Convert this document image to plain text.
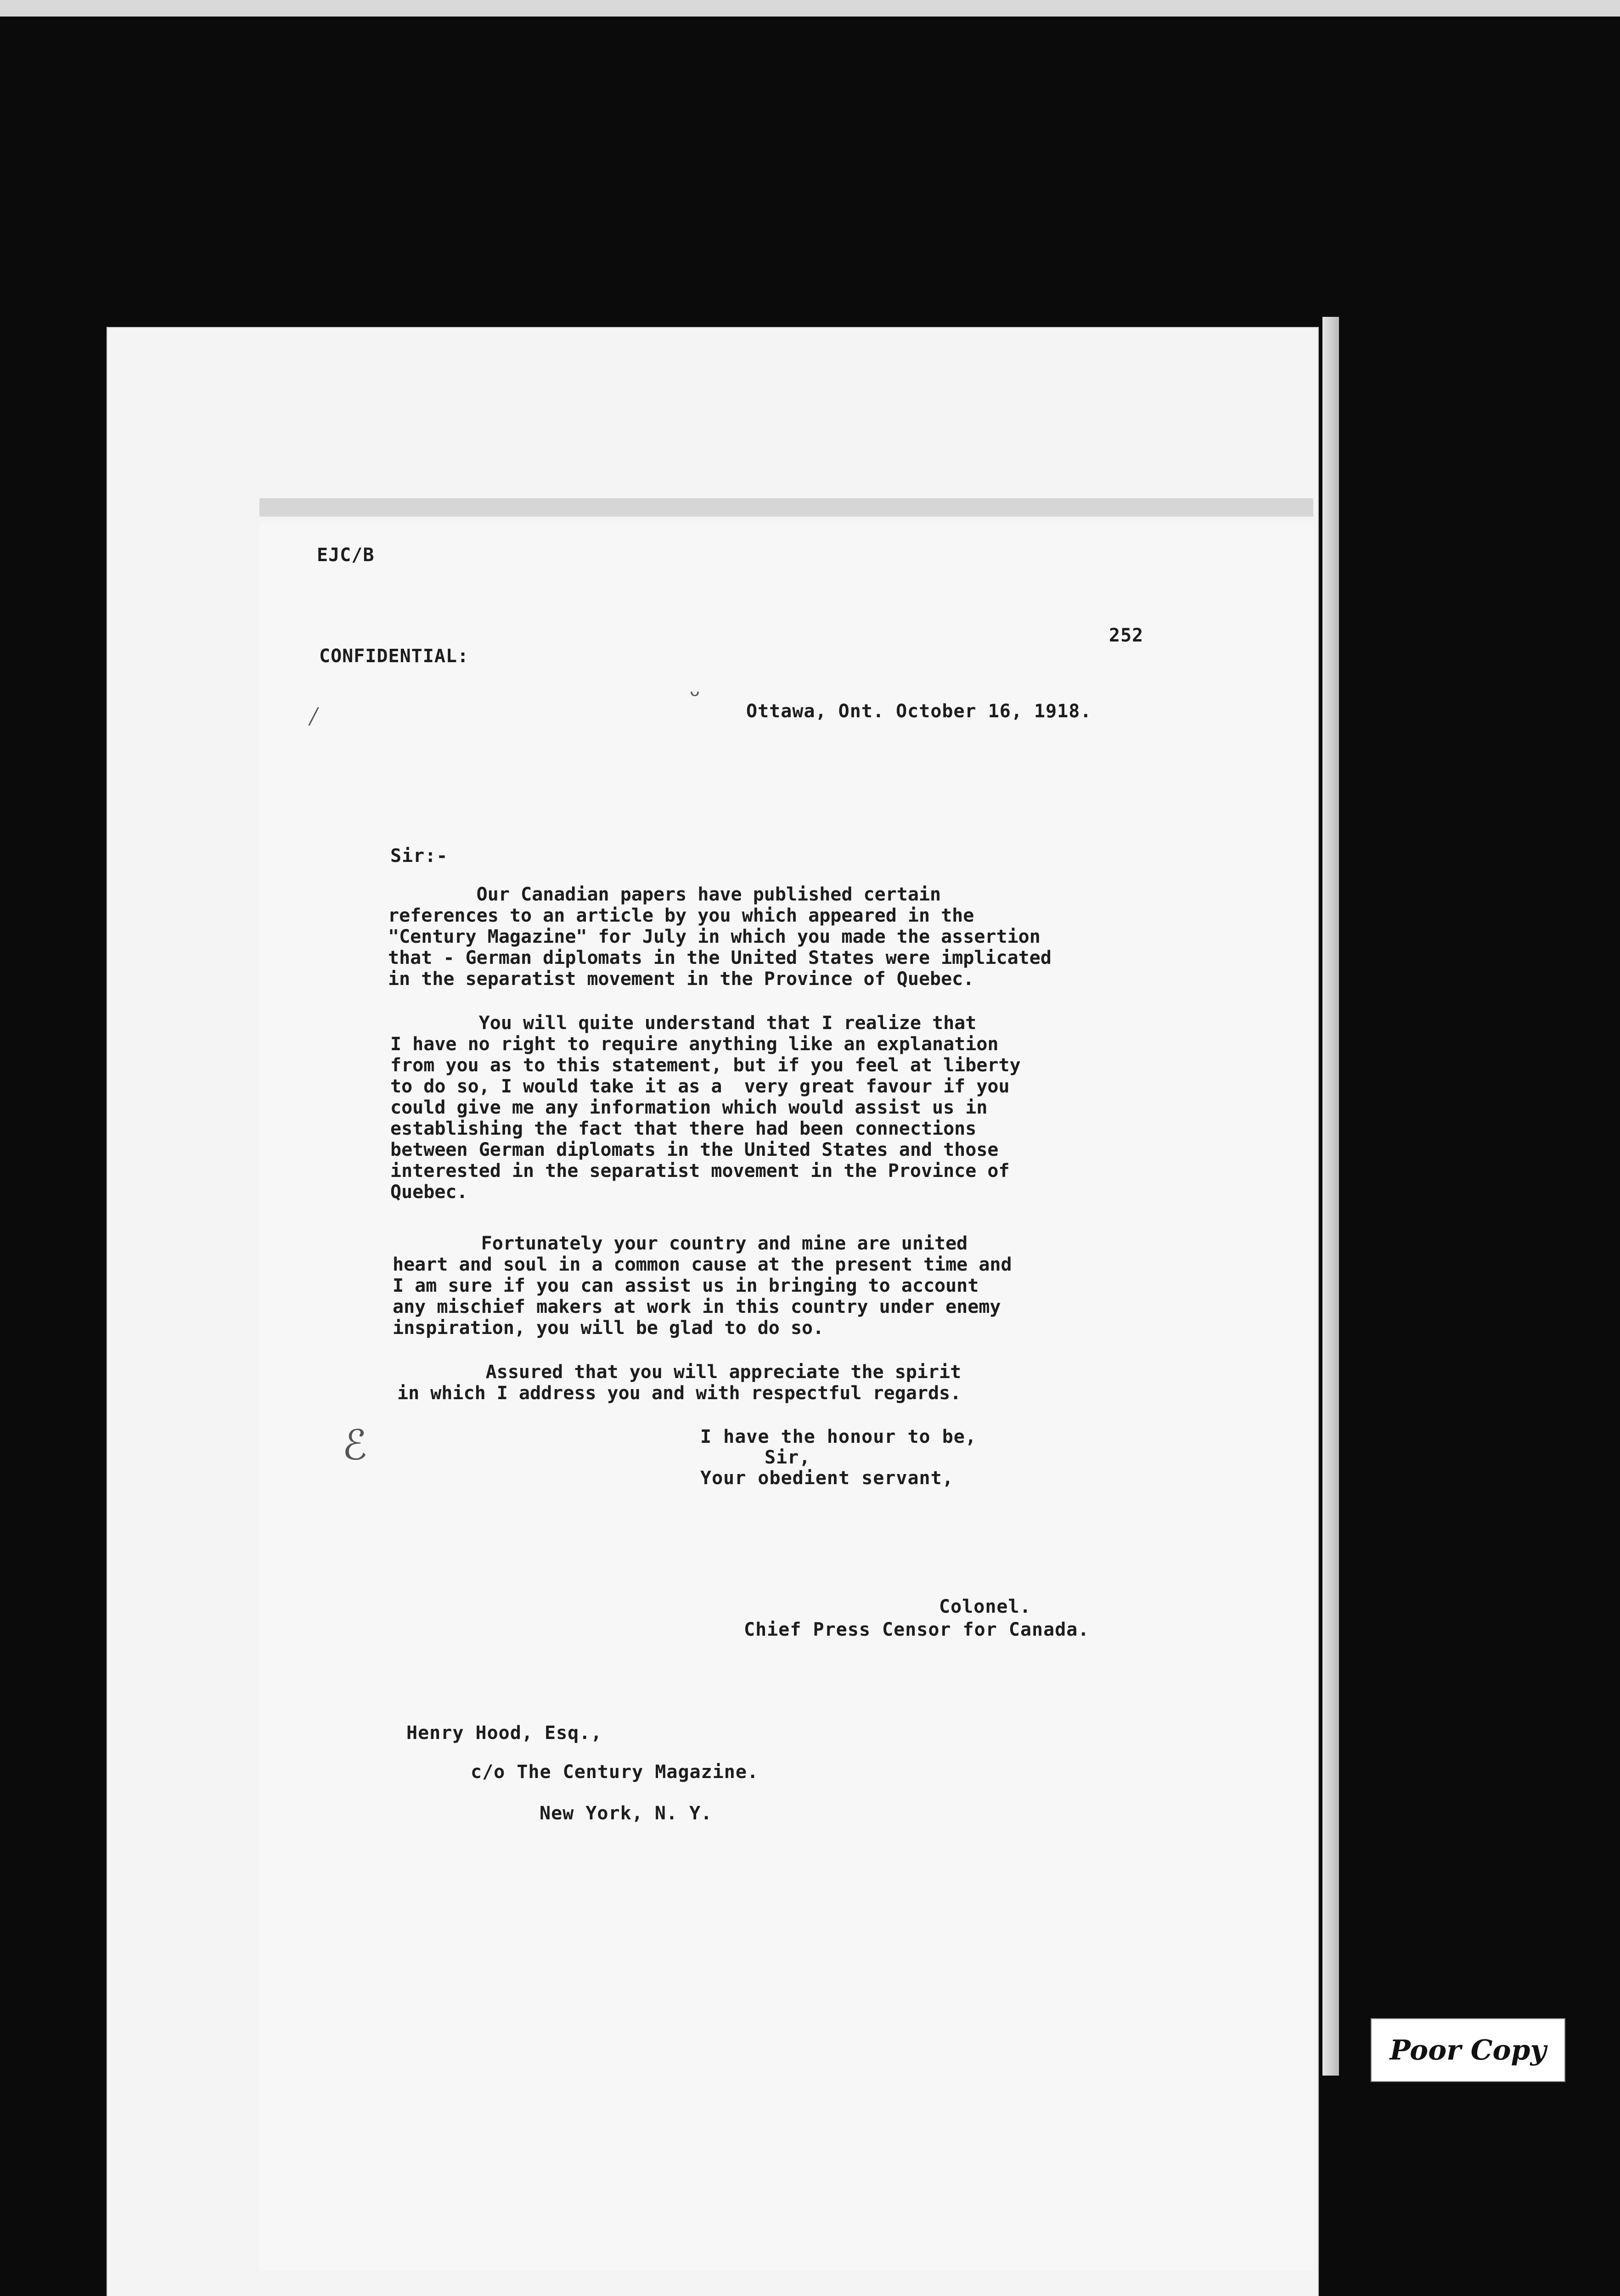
EJC/B
CONFIDENTIAL:
252
Ottawa, Ont. October 16, 1918.
ᵕ
⁄
Sir:-
Our Canadian papers have published certain
references to an article by you which appeared in the
"Century Magazine" for July in which you made the assertion
that - German diplomats in the United States were implicated
in the separatist movement in the Province of Quebec.
You will quite understand that I realize that
I have no right to require anything like an explanation
from you as to this statement, but if you feel at liberty
to do so, I would take it as a  very great favour if you
could give me any information which would assist us in
establishing the fact that there had been connections
between German diplomats in the United States and those
interested in the separatist movement in the Province of
Quebec.
Fortunately your country and mine are united
heart and soul in a common cause at the present time and
I am sure if you can assist us in bringing to account
any mischief makers at work in this country under enemy
inspiration, you will be glad to do so.
Assured that you will appreciate the spirit
in which I address you and with respectful regards.
ℰ	I have the honour to be,
Sir,
Your obedient servant,
Colonel.
Chief Press Censor for Canada.
Henry Hood, Esq.,
c/o The Century Magazine.
New York, N. Y.
Poor Copy
